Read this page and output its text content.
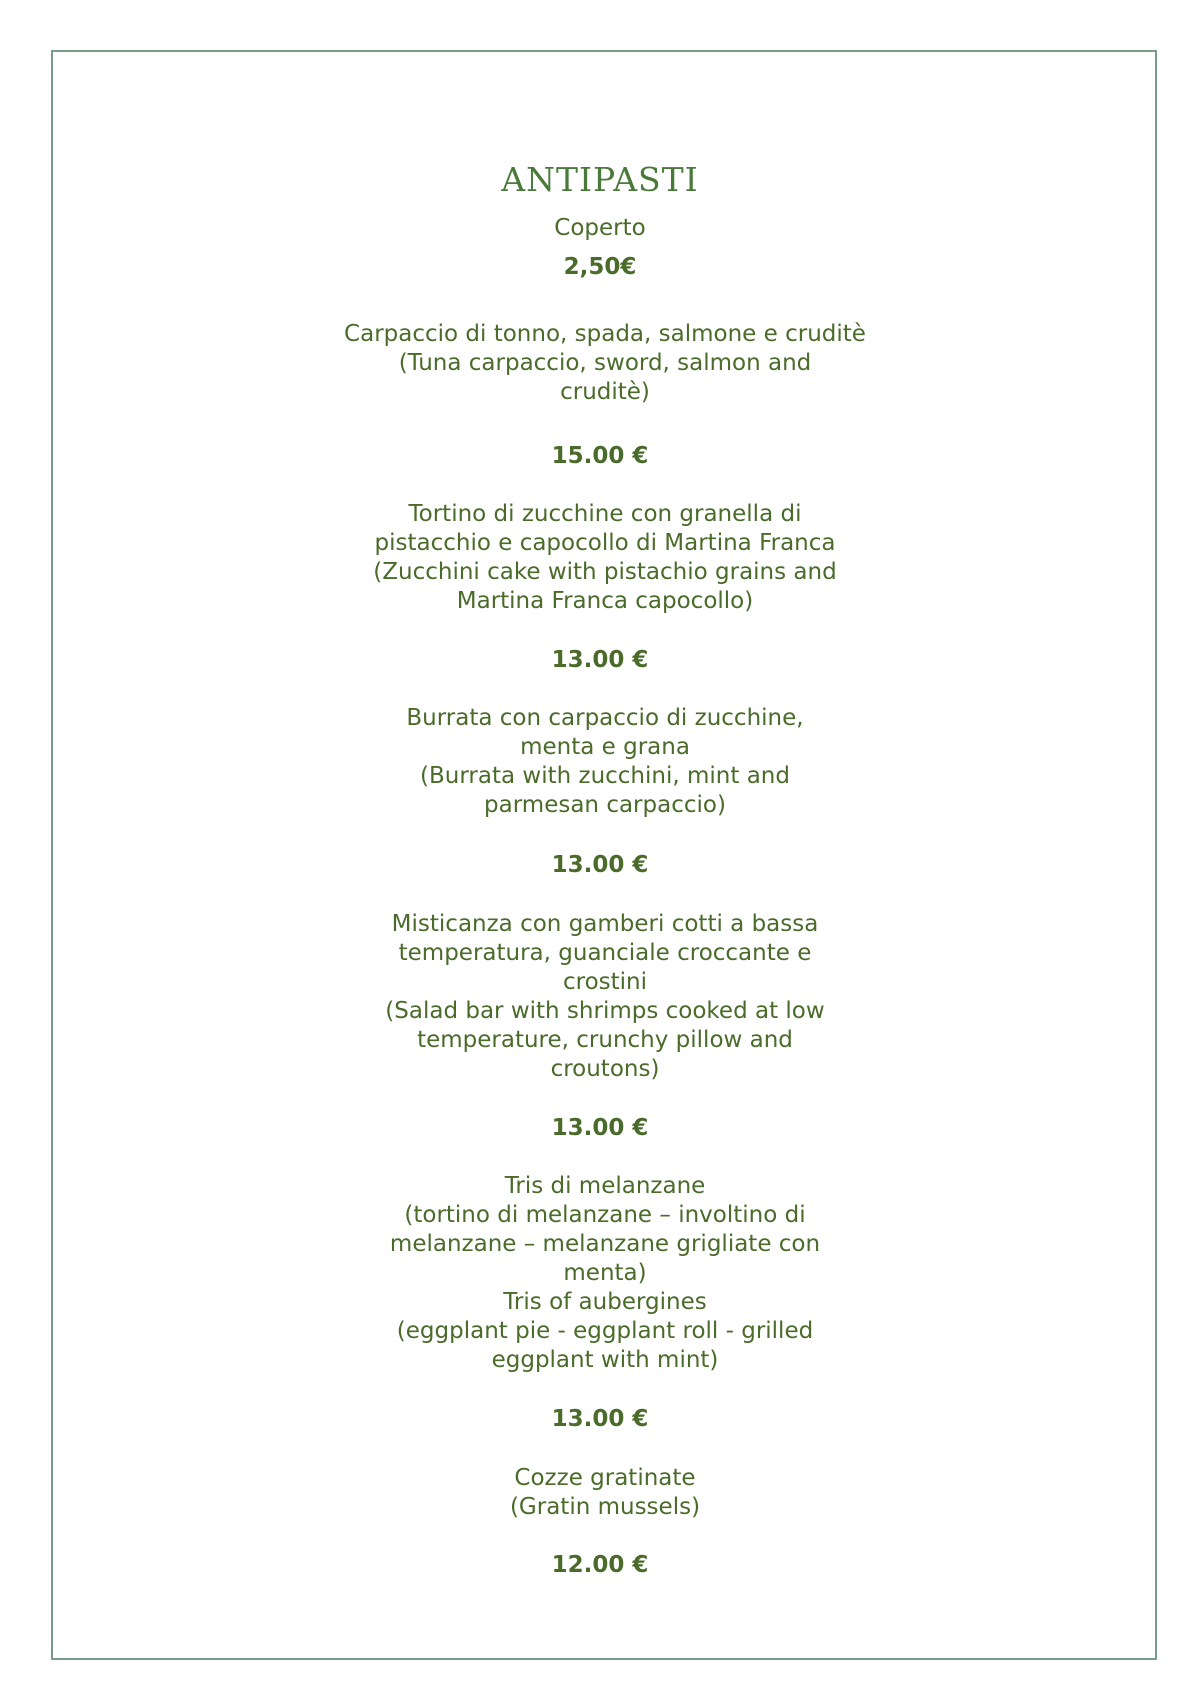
ANTIPASTI
Coperto
2,50€
Carpaccio di tonno, spada, salmone e cruditè
(Tuna carpaccio, sword, salmon and
cruditè)
15.00 €
Tortino di zucchine con granella di
pistacchio e capocollo di Martina Franca
(Zucchini cake with pistachio grains and
Martina Franca capocollo)
13.00 €
Burrata con carpaccio di zucchine,
menta e grana
(Burrata with zucchini, mint and
parmesan carpaccio)
13.00 €
Misticanza con gamberi cotti a bassa
temperatura, guanciale croccante e
crostini
(Salad bar with shrimps cooked at low
temperature, crunchy pillow and
croutons)
13.00 €
Tris di melanzane
(tortino di melanzane – involtino di
melanzane – melanzane grigliate con
menta)
Tris of aubergines
(eggplant pie - eggplant roll - grilled
eggplant with mint)
13.00 €
Cozze gratinate
(Gratin mussels)
12.00 €
